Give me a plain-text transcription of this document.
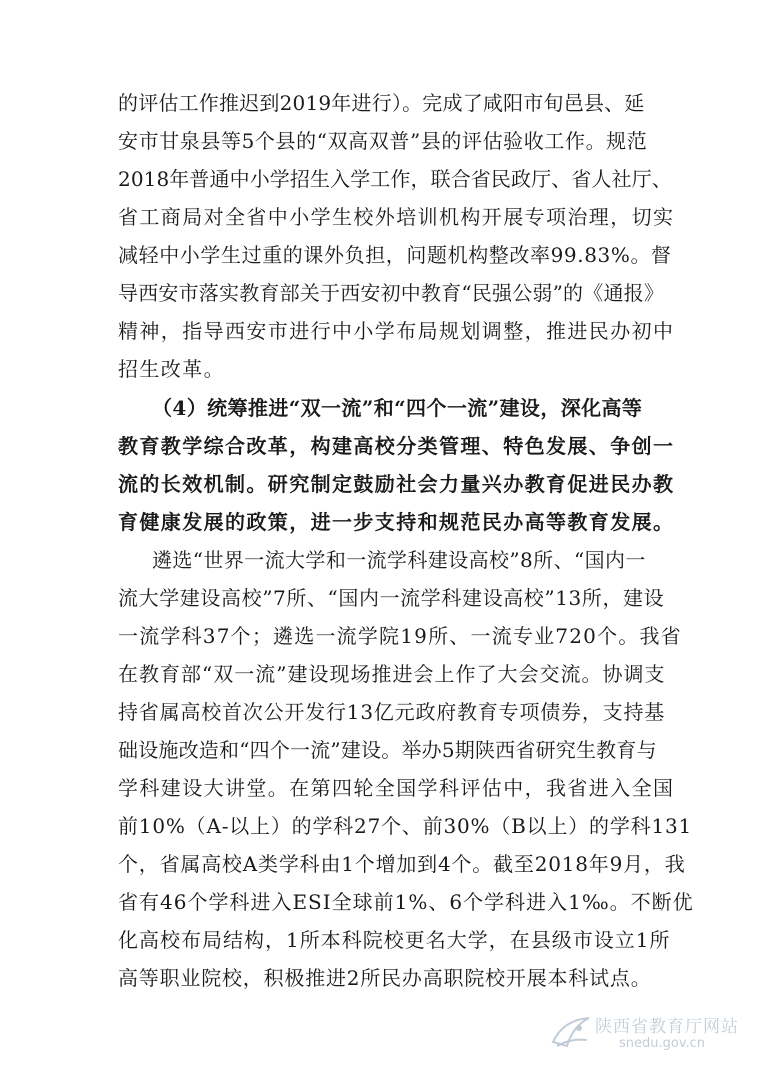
的评估工作推迟到2019年进行）。完成了咸阳市旬邑县、延
安市甘泉县等5个县的“双高双普”县的评估验收工作。规范
2018年普通中小学招生入学工作，联合省民政厅、省人社厅、
省工商局对全省中小学生校外培训机构开展专项治理，切实
减轻中小学生过重的课外负担，问题机构整改率99.83%。督
导西安市落实教育部关于西安初中教育“民强公弱”的《通报》
精神，指导西安市进行中小学布局规划调整，推进民办初中
招生改革。
（4）统筹推进“双一流”和“四个一流”建设，深化高等
教育教学综合改革，构建高校分类管理、特色发展、争创一
流的长效机制。研究制定鼓励社会力量兴办教育促进民办教
育健康发展的政策，进一步支持和规范民办高等教育发展。
遴选“世界一流大学和一流学科建设高校”8所、“国内一
流大学建设高校”7所、“国内一流学科建设高校”13所，建设
一流学科37个；遴选一流学院19所、一流专业720个。我省
在教育部“双一流”建设现场推进会上作了大会交流。协调支
持省属高校首次公开发行13亿元政府教育专项债券，支持基
础设施改造和“四个一流”建设。举办5期陕西省研究生教育与
学科建设大讲堂。在第四轮全国学科评估中，我省进入全国
前10%（A-以上）的学科27个、前30%（B以上）的学科131
个，省属高校A类学科由1个增加到4个。截至2018年9月，我
省有46个学科进入ESI全球前1%、6个学科进入1‰。不断优
化高校布局结构，1所本科院校更名大学，在县级市设立1所
高等职业院校，积极推进2所民办高职院校开展本科试点。
陕西省教育厅网站
snedu.gov.cn
